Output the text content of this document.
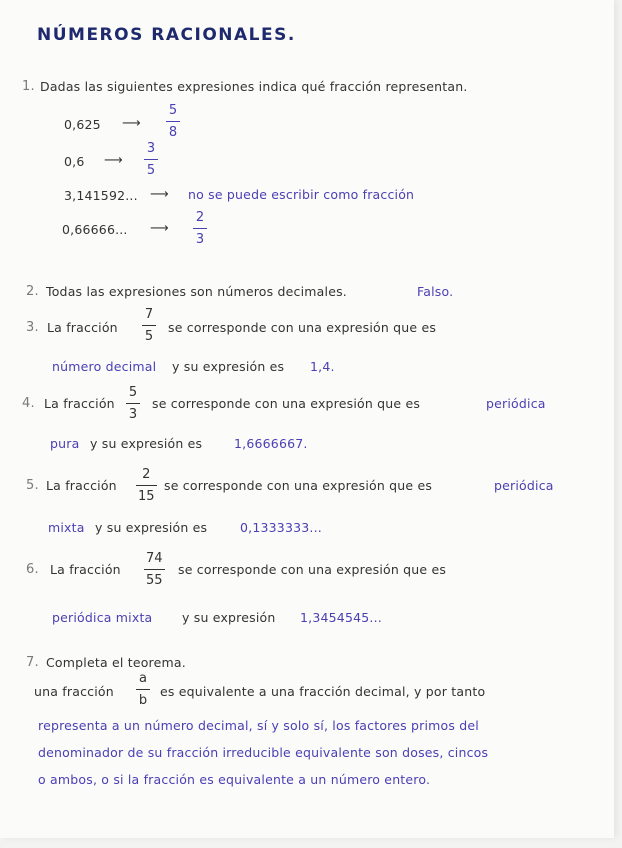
NÚMEROS RACIONALES.
1. Dadas las siguientes expresiones indica qué fracción representan.
0,625 ⟶
5
8
0,6 ⟶
3
5
3,141592... ⟶ no se puede escribir como fracción
0,66666... ⟶
2
3
2. Todas las expresiones son números decimales.	Falso.
3. La fracción
7
5
se corresponde con una expresión que es
número decimal y su expresión es 1,4.
4. La fracción
5
3
se corresponde con una expresión que es	periódica
pura y su expresión es	1,6666667.
5. La fracción
2
15
se corresponde con una expresión que es	periódica
mixta y su expresión es	0,1333333...
6. La fracción
74
55
se corresponde con una expresión que es
periódica mixta y su expresión 1,3454545...
7. Completa el teorema.
una fracción
a
b
es equivalente a una fracción decimal, y por tanto
representa a un número decimal, sí y solo sí, los factores primos del
denominador de su fracción irreducible equivalente son doses, cincos
o ambos, o si la fracción es equivalente a un número entero.
